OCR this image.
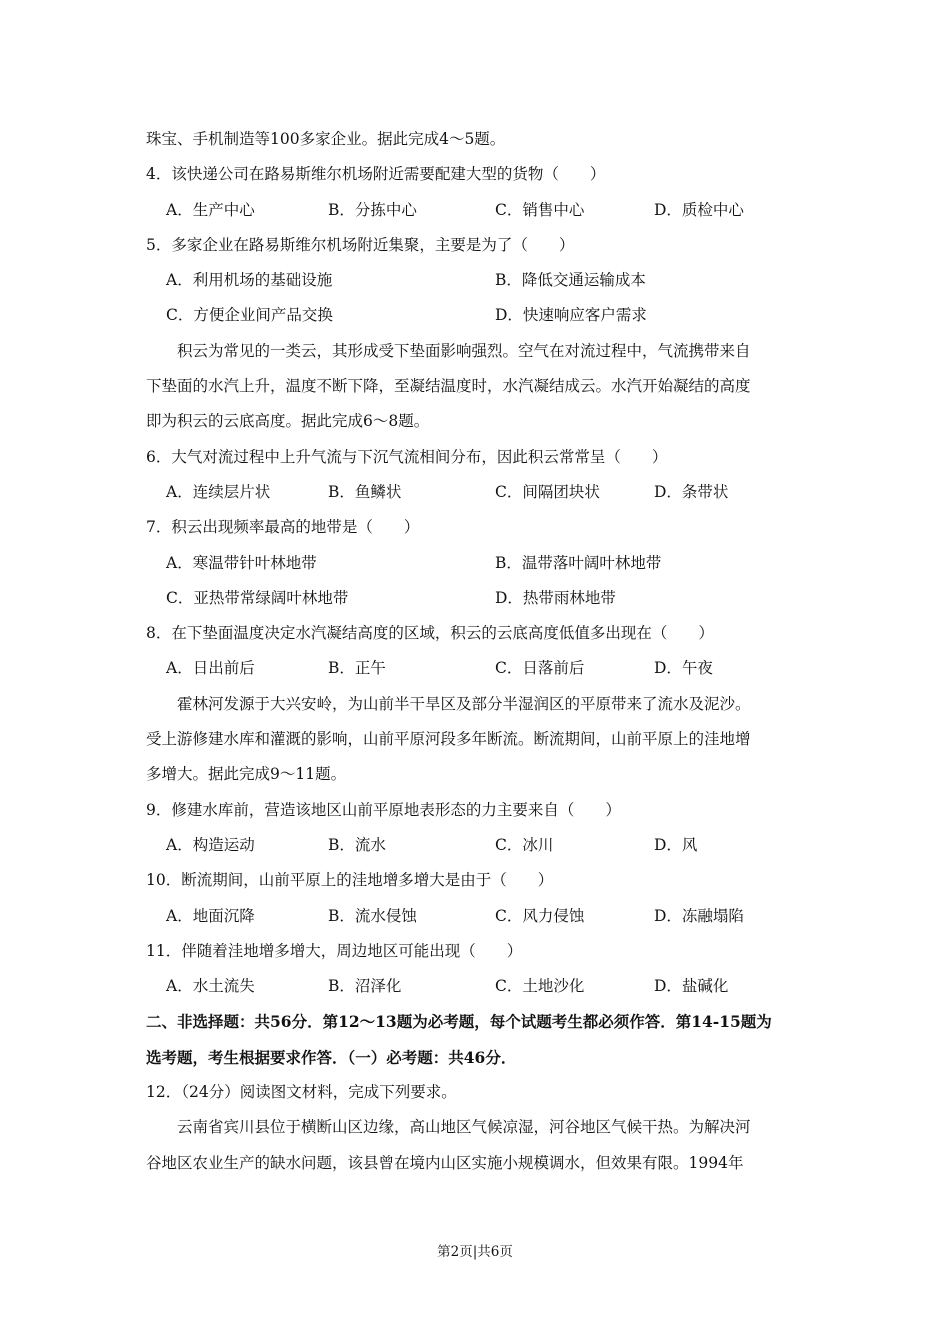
珠宝、手机制造等100多家企业。据此完成4～5题。
4．该快递公司在路易斯维尔机场附近需要配建大型的货物（　　）
A．生产中心	B．分拣中心	C．销售中心	D．质检中心
5．多家企业在路易斯维尔机场附近集聚，主要是为了（　　）
A．利用机场的基础设施	B．降低交通运输成本
C．方便企业间产品交换	D．快速响应客户需求
积云为常见的一类云，其形成受下垫面影响强烈。空气在对流过程中，气流携带来自
下垫面的水汽上升，温度不断下降，至凝结温度时，水汽凝结成云。水汽开始凝结的高度
即为积云的云底高度。据此完成6～8题。
6．大气对流过程中上升气流与下沉气流相间分布，因此积云常常呈（　　）
A．连续层片状	B．鱼鳞状	C．间隔团块状	D．条带状
7．积云出现频率最高的地带是（　　）
A．寒温带针叶林地带	B．温带落叶阔叶林地带
C．亚热带常绿阔叶林地带	D．热带雨林地带
8．在下垫面温度决定水汽凝结高度的区域，积云的云底高度低值多出现在（　　）
A．日出前后	B．正午	C．日落前后	D．午夜
霍林河发源于大兴安岭，为山前半干旱区及部分半湿润区的平原带来了流水及泥沙。
受上游修建水库和灌溉的影响，山前平原河段多年断流。断流期间，山前平原上的洼地增
多增大。据此完成9～11题。
9．修建水库前，营造该地区山前平原地表形态的力主要来自（　　）
A．构造运动	B．流水	C．冰川	D．风
10．断流期间，山前平原上的洼地增多增大是由于（　　）
A．地面沉降	B．流水侵蚀	C．风力侵蚀	D．冻融塌陷
11．伴随着洼地增多增大，周边地区可能出现（　　）
A．水土流失	B．沼泽化	C．土地沙化	D．盐碱化
二、非选择题：共56分．第12～13题为必考题，每个试题考生都必须作答．第14-15题为
选考题，考生根据要求作答．（一）必考题：共46分．
12．（24分）阅读图文材料，完成下列要求。
云南省宾川县位于横断山区边缘，高山地区气候凉湿，河谷地区气候干热。为解决河
谷地区农业生产的缺水问题，该县曾在境内山区实施小规模调水，但效果有限。1994年
第2页|共6页
